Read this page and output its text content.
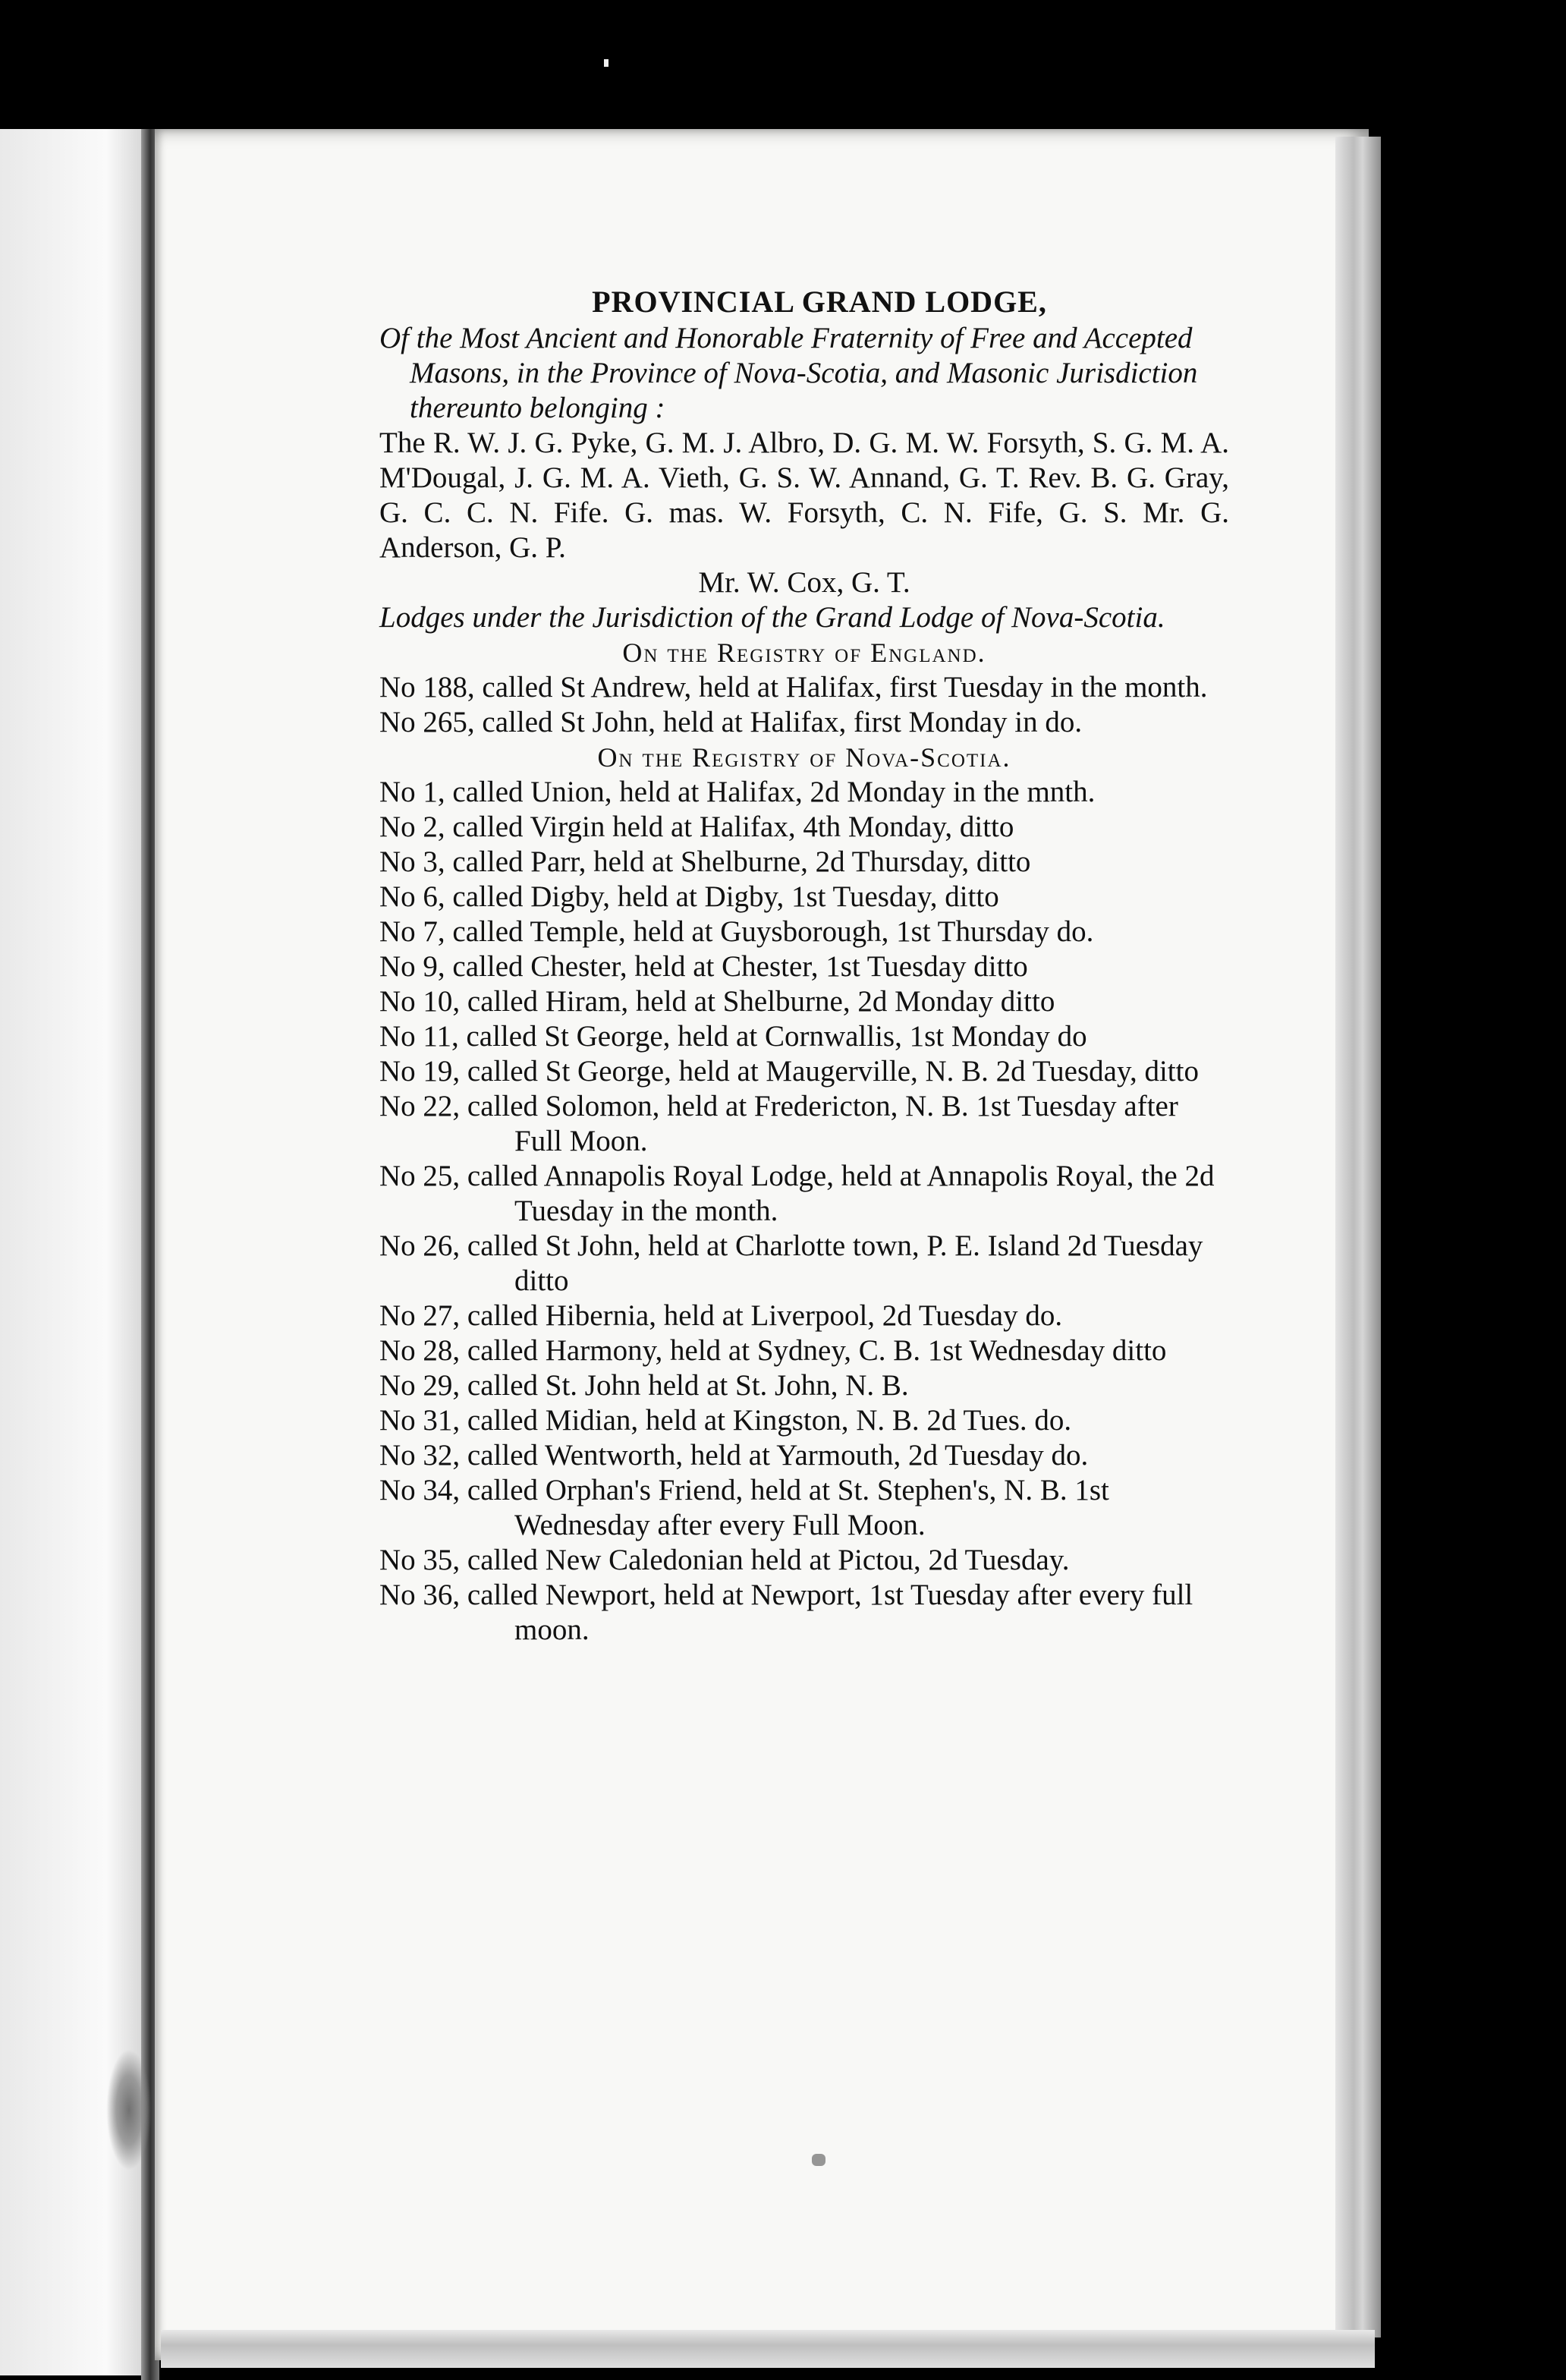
PROVINCIAL GRAND LODGE,

Of the Most Ancient and Honorable Fraternity of Free and Accepted Masons, in the Province of Nova-Scotia, and Masonic Jurisdiction thereunto belonging :

The R. W. J. G. Pyke, G. M. J. Albro, D. G. M. W. Forsyth, S. G. M. A. M'Dougal, J. G. M. A. Vieth, G. S. W. Annand, G. T. Rev. B. G. Gray, G. C. C. N. Fife. G. mas. W. Forsyth, C. N. Fife, G. S. Mr. G. Anderson, G. P.

Mr. W. Cox, G. T.

Lodges under the Jurisdiction of the Grand Lodge of Nova-Scotia.

On the Registry of England.

No 188, called St Andrew, held at Halifax, first Tuesday in the month.

No 265, called St John, held at Halifax, first Monday in do.

On the Registry of Nova-Scotia.

No 1, called Union, held at Halifax, 2d Monday in the mnth.

No 2, called Virgin held at Halifax, 4th Monday, ditto

No 3, called Parr, held at Shelburne, 2d Thursday, ditto

No 6, called Digby, held at Digby, 1st Tuesday, ditto

No 7, called Temple, held at Guysborough, 1st Thursday do.

No 9, called Chester, held at Chester, 1st Tuesday ditto

No 10, called Hiram, held at Shelburne, 2d Monday ditto

No 11, called St George, held at Cornwallis, 1st Monday do

No 19, called St George, held at Maugerville, N. B. 2d Tuesday, ditto

No 22, called Solomon, held at Fredericton, N. B. 1st Tuesday after Full Moon.

No 25, called Annapolis Royal Lodge, held at Annapolis Royal, the 2d Tuesday in the month.

No 26, called St John, held at Charlotte town, P. E. Island 2d Tuesday ditto

No 27, called Hibernia, held at Liverpool, 2d Tuesday do.

No 28, called Harmony, held at Sydney, C. B. 1st Wednesday ditto

No 29, called St. John held at St. John, N. B.

No 31, called Midian, held at Kingston, N. B. 2d Tues. do.

No 32, called Wentworth, held at Yarmouth, 2d Tuesday do.

No 34, called Orphan's Friend, held at St. Stephen's, N. B. 1st Wednesday after every Full Moon.

No 35, called New Caledonian held at Pictou, 2d Tuesday.

No 36, called Newport, held at Newport, 1st Tuesday after every full moon.
